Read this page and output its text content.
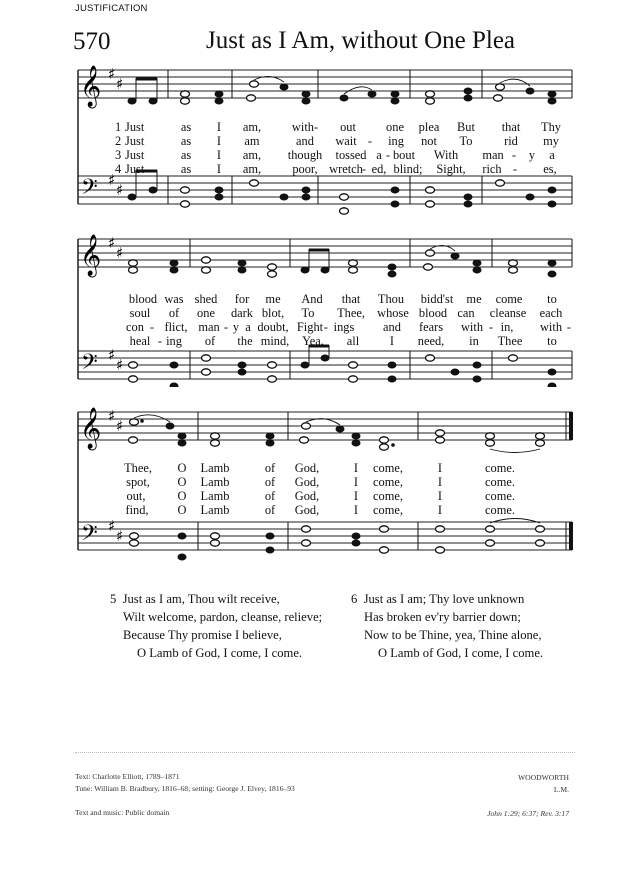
JUSTIFICATION
570	Just as I Am, without One Plea
𝄞
𝄢
♯
♯
♯
♯
1
2
3
4
Just	as I am, with- out one plea But that Thy
Just	as I am	and wait - ing not To	rid my
Just	as I am, though tossed a - bout With man - y a
Just	as I am,	poor, wretch - ed, blind; Sight, rich - es,
𝄞
𝄢
♯
♯
♯
♯
blood was shed for me And that Thou bidd'st me come to
soul of one dark blot, To Thee, whose blood can cleanse each
con - flict, man - y a doubt, Fight - ings and fears with - in, with -
heal - ing of the mind, Yea, all I need, in Thee to
𝄞
𝄢
♯
♯
♯
♯
Thee, O Lamb	of God,	I come,	I	come.
spot, O Lamb	of God,	I come,	I	come.
out,	O Lamb	of God,	I come,	I	come.
find, O Lamb	of God,	I come,	I	come.
5 Just as I am, Thou wilt receive,
Wilt welcome, pardon, cleanse, relieve;
Because Thy promise I believe,
O Lamb of God, I come, I come.
6 Just as I am; Thy love unknown
Has broken ev'ry barrier down;
Now to be Thine, yea, Thine alone,
O Lamb of God, I come, I come.
Text: Charlotte Elliott, 1789–1871
Tune: William B. Bradbury, 1816–68; setting: George J. Elvey, 1816–93
Text and music: Public domain
WOODWORTH
L.M.
John 1:29; 6:37; Rev. 3:17
